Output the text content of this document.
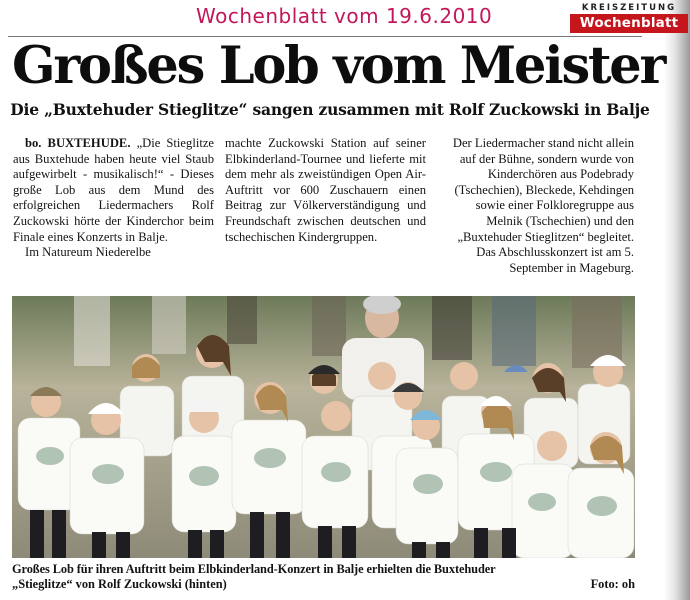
Wochenblatt vom 19.6.2010	KREISZEITUNG
Wochenblatt
Großes Lob vom Meister
Die „Buxtehuder Stieglitze“ sangen zusammen mit Rolf Zuckowski in Balje

bo. BUXTEHUDE. „Die Stieglitze aus Buxtehude haben heute viel Staub aufgewirbelt - musikalisch!“ - Dieses große Lob aus dem Mund des erfolgreichen Liedermachers Rolf Zuckowski hörte der Kinderchor beim Finale eines Konzerts in Balje.

Im Natureum Niederelbe

machte Zuckowski Station auf seiner Elbkinderland-Tournee und lieferte mit dem mehr als zweistündigen Open Air-Auftritt vor 600 Zuschauern einen Beitrag zur Völkerverständigung und Freundschaft zwischen deutschen und tschechischen Kindergruppen.

Der Liedermacher stand nicht allein auf der Bühne, sondern wurde von Kinderchören aus Podebrady (Tschechien), Bleckede, Kehdingen sowie einer Folkloregruppe aus Melnik (Tschechien) und den „Buxtehuder Stieglitzen“ begleitet. Das Abschlusskonzert ist am 5. September in Mageburg.

Großes Lob für ihren Auftritt beim Elbkinderland-Konzert in Balje erhielten die Buxtehuder
„Stieglitze“ von Rolf Zuckowski (hinten)	Foto: oh
